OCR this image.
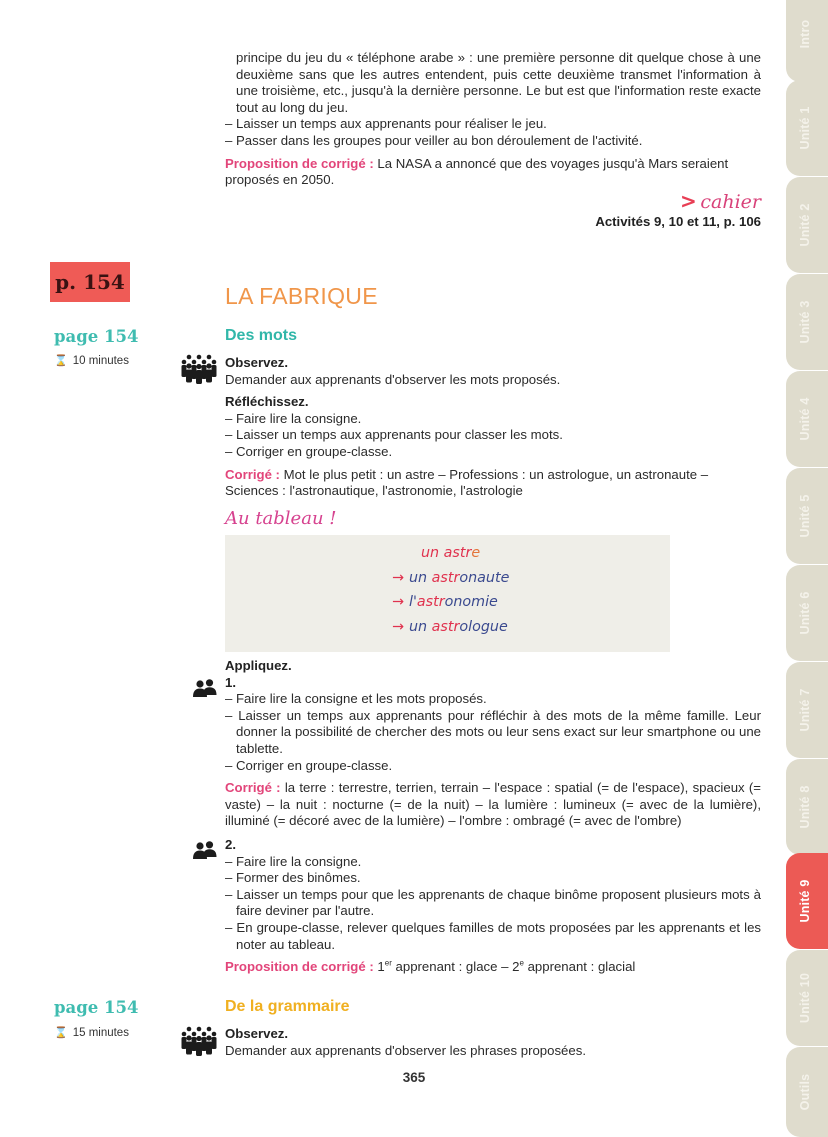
principe du jeu du « téléphone arabe » : une première personne dit quelque chose à une deuxième sans que les autres entendent, puis cette deuxième transmet l'information à une troisième, etc., jusqu'à la dernière personne. Le but est que l'information reste exacte tout au long du jeu.

– Laisser un temps aux apprenants pour réaliser le jeu.

– Passer dans les groupes pour veiller au bon déroulement de l'activité.

Proposition de corrigé : La NASA a annoncé que des voyages jusqu'à Mars seraient proposés en 2050.

> cahier
Activités 9, 10 et 11, p. 106
p. 154
LA FABRIQUE
page 154
⌛ 10 minutes
Des mots

Observez.

Demander aux apprenants d'observer les mots proposés.

Réfléchissez.

– Faire lire la consigne.

– Laisser un temps aux apprenants pour classer les mots.

– Corriger en groupe-classe.

Corrigé : Mot le plus petit : un astre – Professions : un astrologue, un astronaute – Sciences : l'astronautique, l'astronomie, l'astrologie

Au tableau !
un astre
→ un astronaute
→ l'astronomie
→ un astrologue

Appliquez.

1.

– Faire lire la consigne et les mots proposés.

– Laisser un temps aux apprenants pour réfléchir à des mots de la même famille. Leur donner la possibilité de chercher des mots ou leur sens exact sur leur smartphone ou une tablette.

– Corriger en groupe-classe.

Corrigé : la terre : terrestre, terrien, terrain – l'espace : spatial (= de l'espace), spacieux (= vaste) – la nuit : nocturne (= de la nuit) – la lumière : lumineux (= avec de la lumière), illuminé (= décoré avec de la lumière) – l'ombre : ombragé (= avec de l'ombre)

2.

– Faire lire la consigne.

– Former des binômes.

– Laisser un temps pour que les apprenants de chaque binôme proposent plusieurs mots à faire deviner par l'autre.

– En groupe-classe, relever quelques familles de mots proposées par les apprenants et les noter au tableau.

Proposition de corrigé : 1er apprenant : glace – 2e apprenant : glacial

page 154
⌛ 15 minutes
De la grammaire

Observez.

Demander aux apprenants d'observer les phrases proposées.

365
Intro
Unité 1
Unité 2
Unité 3
Unité 4
Unité 5
Unité 6
Unité 7
Unité 8
Unité 9
Unité 10
Outils
